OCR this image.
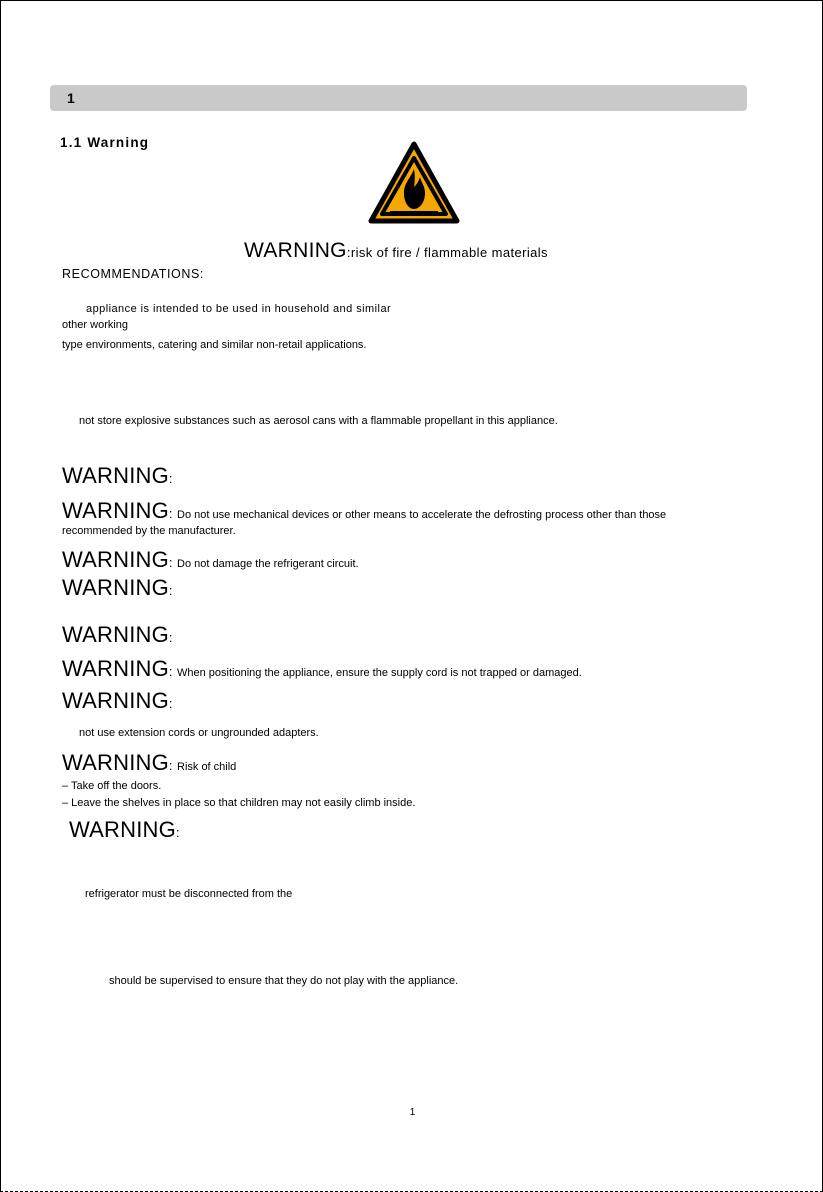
1
1.1 Warning
WARNING:risk of fire / flammable materials
RECOMMENDATIONS:
appliance is intended to be used in household and similar
other working
type environments, catering and similar non-retail applications.
not store explosive substances such as aerosol cans with a flammable propellant in this appliance.
WARNING:
WARNING: Do not use mechanical devices or other means to accelerate the defrosting process other than those
recommended by the manufacturer.
WARNING: Do not damage the refrigerant circuit.
WARNING:
WARNING:
WARNING: When positioning the appliance, ensure the supply cord is not trapped or damaged.
WARNING:
not use extension cords or ungrounded adapters.
WARNING: Risk of child
– Take off the doors.
– Leave the shelves in place so that children may not easily climb inside.
WARNING:
refrigerator must be disconnected from the
should be supervised to ensure that they do not play with the appliance.
1
